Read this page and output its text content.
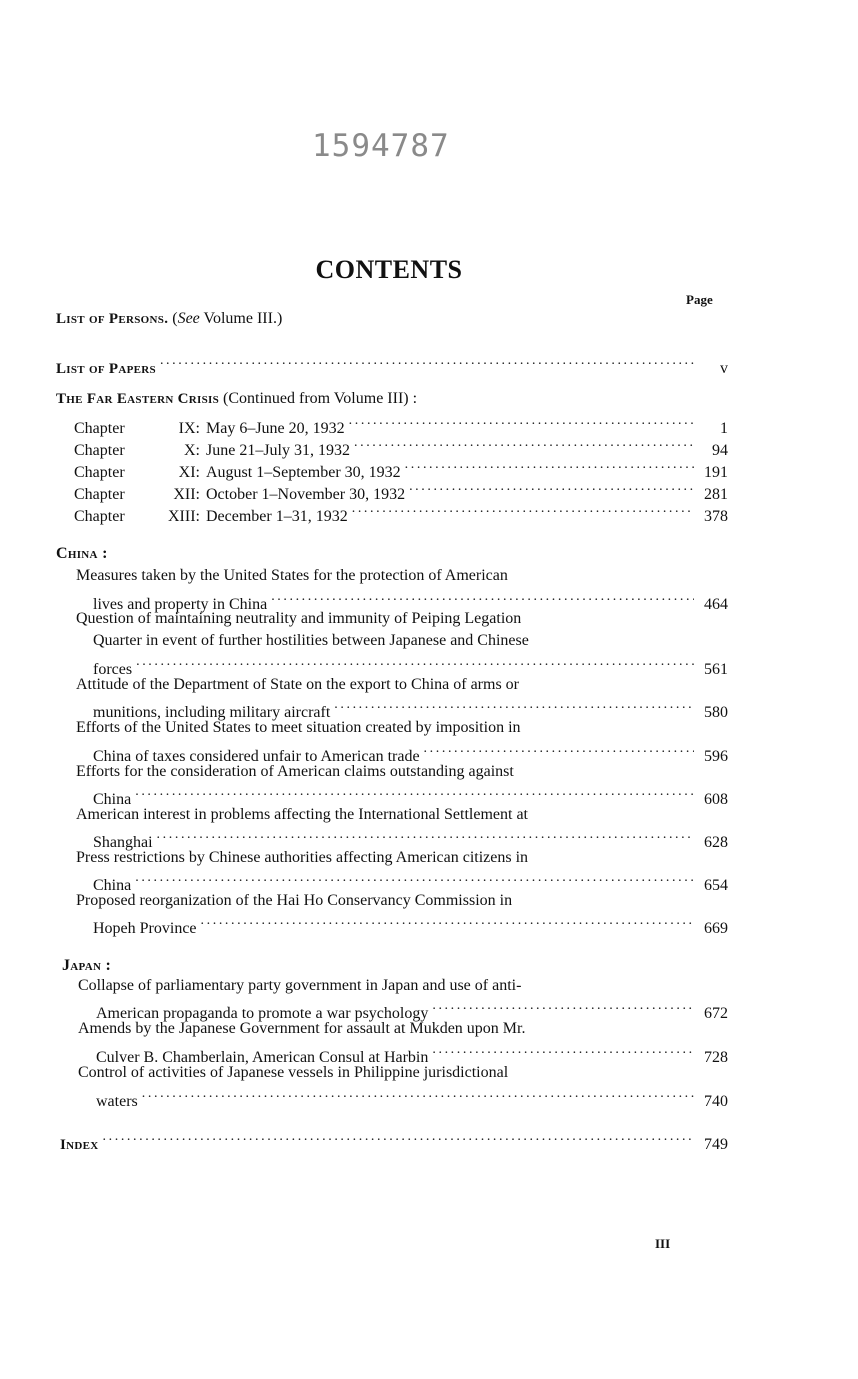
1594787
CONTENTS
Page
List of Persons. (See Volume III.)
List of Papers .....	v
The Far Eastern Crisis (Continued from Volume III) :
Chapter	IX: May 6–June 20, 1932 .....	1
Chapter	X: June 21–July 31, 1932 .....	94
Chapter	XI: August 1–September 30, 1932 .....	191
Chapter	XII: October 1–November 30, 1932 .....	281
Chapter	XIII: December 1–31, 1932 .....	378
China :
Measures taken by the United States for the protection of American
lives and property in China .....	464
Question of maintaining neutrality and immunity of Peiping Legation
Quarter in event of further hostilities between Japanese and Chinese
forces .....	561
Attitude of the Department of State on the export to China of arms or
munitions, including military aircraft .....	580
Efforts of the United States to meet situation created by imposition in
China of taxes considered unfair to American trade .....	596
Efforts for the consideration of American claims outstanding against
China .....	608
American interest in problems affecting the International Settlement at
Shanghai .....	628
Press restrictions by Chinese authorities affecting American citizens in
China .....	654
Proposed reorganization of the Hai Ho Conservancy Commission in
Hopeh Province .....	669
Japan :
Collapse of parliamentary party government in Japan and use of anti-
American propaganda to promote a war psychology .....	672
Amends by the Japanese Government for assault at Mukden upon Mr.
Culver B. Chamberlain, American Consul at Harbin .....	728
Control of activities of Japanese vessels in Philippine jurisdictional
waters .....	740
Index .....	749
III
